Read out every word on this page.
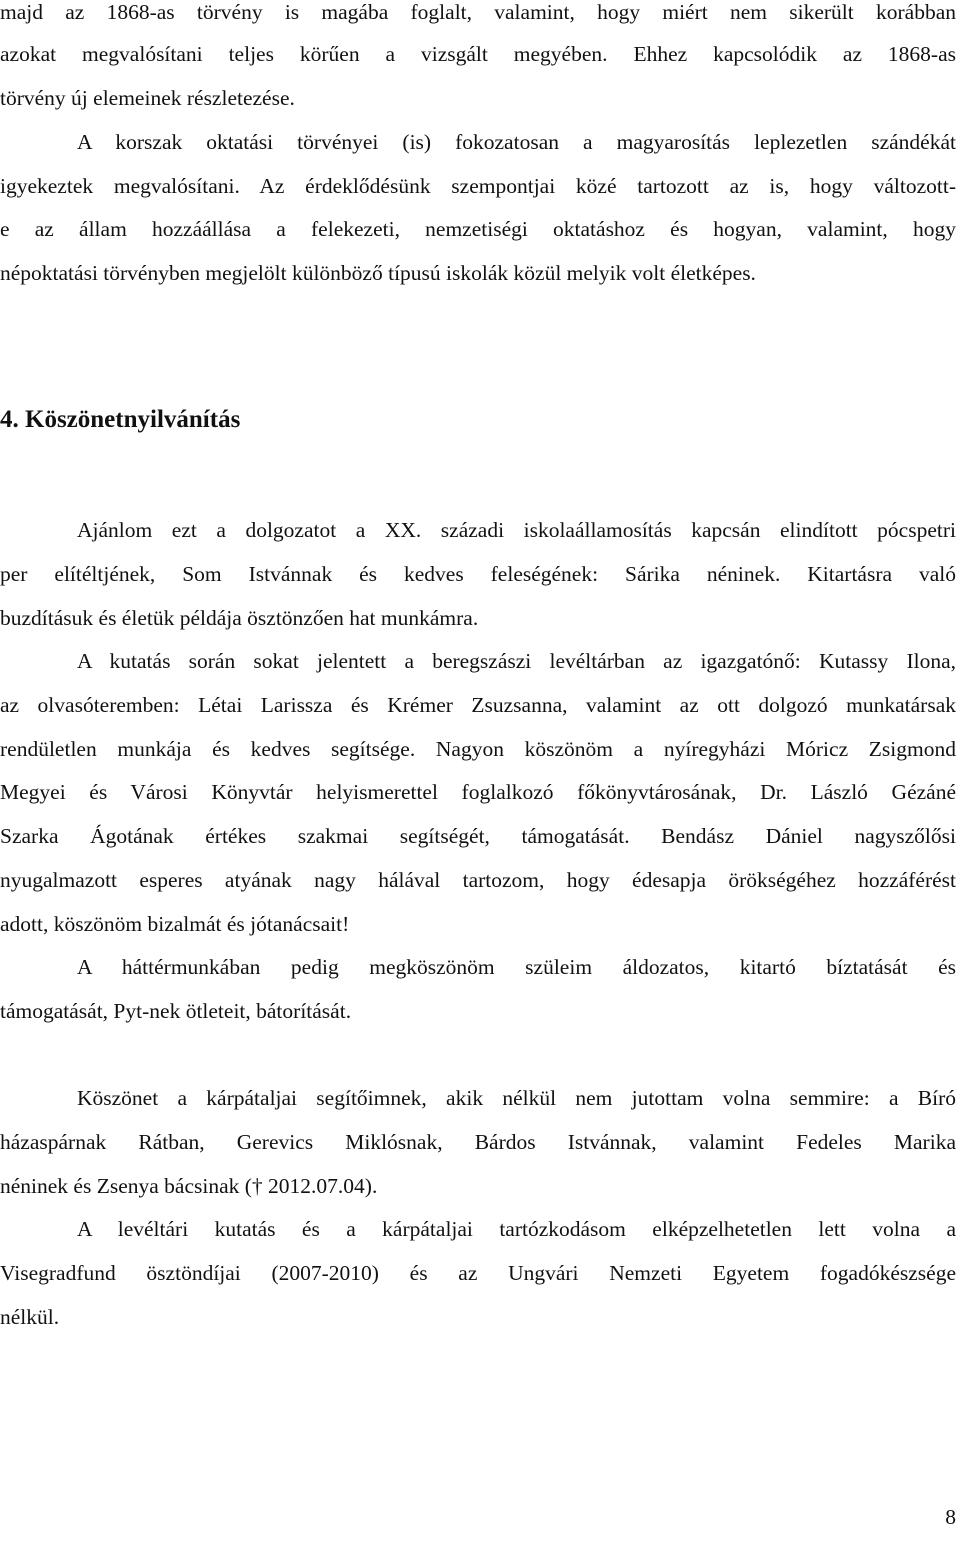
majd az 1868-as törvény is magába foglalt, valamint, hogy miért nem sikerült korábban
azokat megvalósítani teljes körűen a vizsgált megyében. Ehhez kapcsolódik az 1868-as
törvény új elemeinek részletezése.
A korszak oktatási törvényei (is) fokozatosan a magyarosítás leplezetlen szándékát
igyekeztek megvalósítani. Az érdeklődésünk szempontjai közé tartozott az is, hogy változott-
e az állam hozzáállása a felekezeti, nemzetiségi oktatáshoz és hogyan, valamint, hogy
népoktatási törvényben megjelölt különböző típusú iskolák közül melyik volt életképes.
4. Köszönetnyilvánítás
Ajánlom ezt a dolgozatot a XX. századi iskolaállamosítás kapcsán elindított pócspetri
per elítéltjének, Som Istvánnak és kedves feleségének: Sárika néninek. Kitartásra való
buzdításuk és életük példája ösztönzően hat munkámra.
A kutatás során sokat jelentett a beregszászi levéltárban az igazgatónő: Kutassy Ilona,
az olvasóteremben: Létai Larissza és Krémer Zsuzsanna, valamint az ott dolgozó munkatársak
rendületlen munkája és kedves segítsége. Nagyon köszönöm a nyíregyházi Móricz Zsigmond
Megyei és Városi Könyvtár helyismerettel foglalkozó főkönyvtárosának, Dr. László Gézáné
Szarka Ágotának értékes szakmai segítségét, támogatását. Bendász Dániel nagyszőlősi
nyugalmazott esperes atyának nagy hálával tartozom, hogy édesapja örökségéhez hozzáférést
adott, köszönöm bizalmát és jótanácsait!
A háttérmunkában pedig megköszönöm szüleim áldozatos, kitartó bíztatását és
támogatását, Pyt-nek ötleteit, bátorítását.
Köszönet a kárpátaljai segítőimnek, akik nélkül nem jutottam volna semmire: a Bíró
házaspárnak Rátban, Gerevics Miklósnak, Bárdos Istvánnak, valamint Fedeles Marika
néninek és Zsenya bácsinak († 2012.07.04).
A levéltári kutatás és a kárpátaljai tartózkodásom elképzelhetetlen lett volna a
Visegradfund ösztöndíjai (2007-2010) és az Ungvári Nemzeti Egyetem fogadókészsége
nélkül.
8
